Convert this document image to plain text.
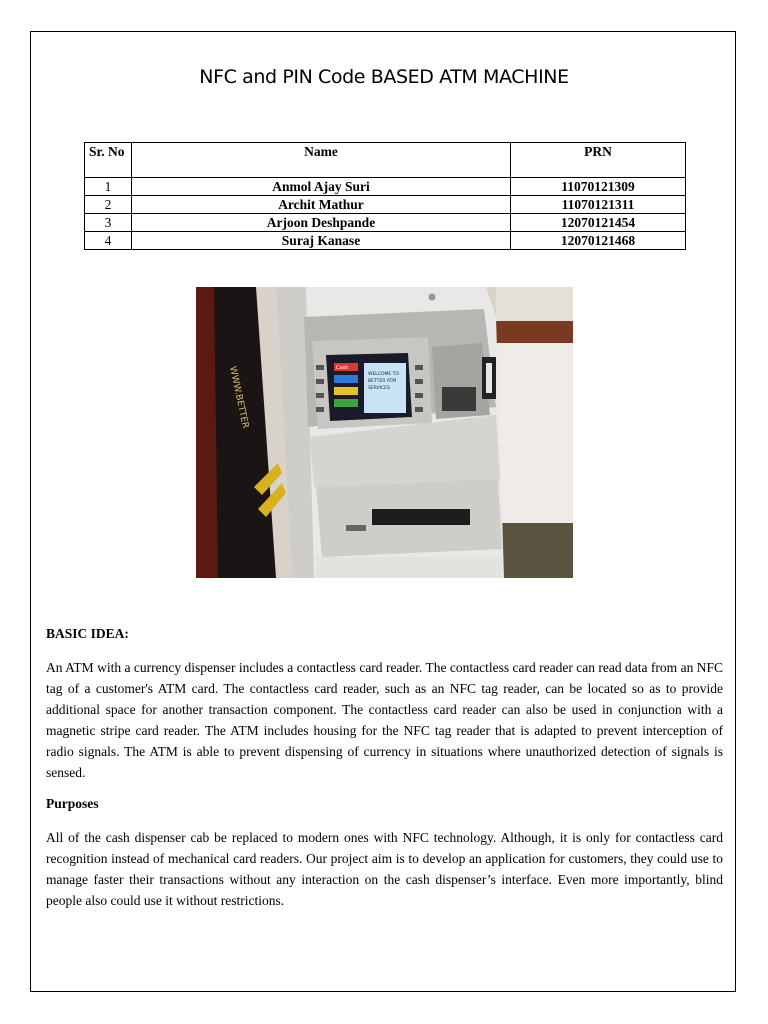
NFC and PIN Code BASED ATM MACHINE
Sr. No	Name	PRN
1	Anmol Ajay Suri	11070121309
2	Archit Mathur	11070121311
3	Arjoon Deshpande	12070121454
4	Suraj Kanase	12070121468
WWW.BETTER	Cash
WELCOME TO
BETTER ATM
SERVICES
BASIC IDEA:
An ATM with a currency dispenser includes a contactless card reader. The contactless card reader can read data from an NFC tag of a customer's ATM card. The contactless card reader, such as an NFC tag reader, can be located so as to provide additional space for another transaction component. The contactless card reader can also be used in conjunction with a magnetic stripe card reader. The ATM includes housing for the NFC tag reader that is adapted to prevent interception of radio signals. The ATM is able to prevent dispensing of currency in situations where unauthorized detection of signals is sensed.
Purposes
All of the cash dispenser cab be replaced to modern ones with NFC technology. Although, it is only for contactless card recognition instead of mechanical card readers. Our project aim is to develop an application for customers, they could use to manage faster their transactions without any interaction on the cash dispenser’s interface. Even more importantly, blind people also could use it without restrictions.
